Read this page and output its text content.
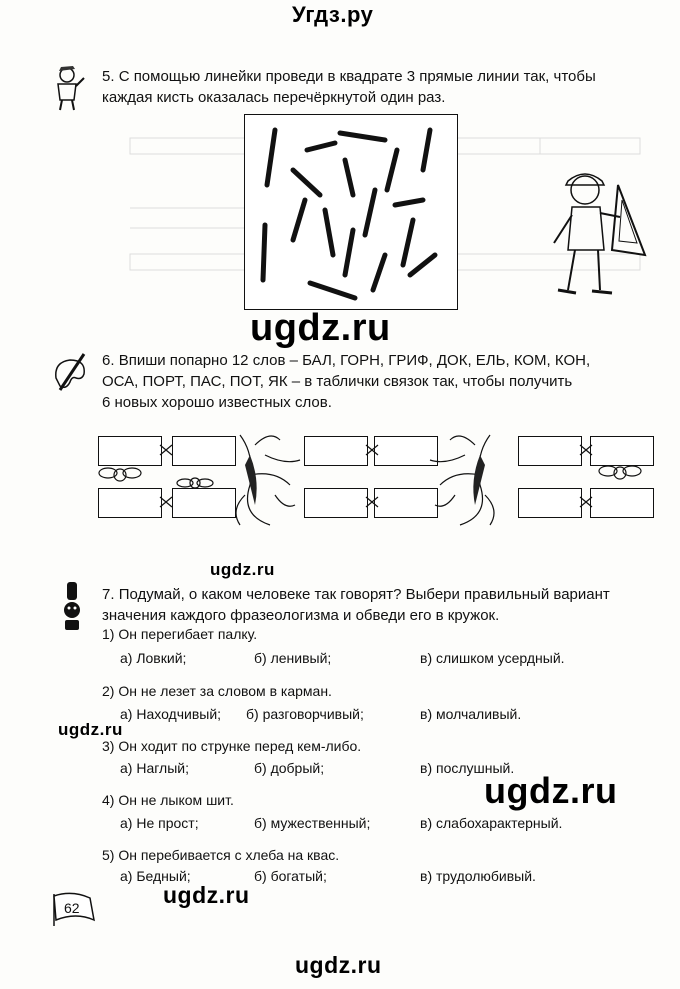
Угдз.ру
5. С помощью линейки проведи в квадрате 3 прямые линии так, чтобы
каждая кисть оказалась перечёркнутой один раз.
ugdz.ru
6. Впиши попарно 12 слов – БАЛ, ГОРН, ГРИФ, ДОК, ЕЛЬ, КОМ, КОН,
ОСА, ПОРТ, ПАС, ПОТ, ЯК – в таблички связок так, чтобы получить
6 новых хорошо известных слов.
ugdz.ru
7. Подумай, о каком человеке так говорят? Выбери правильный вариант
значения каждого фразеологизма и обведи его в кружок.
1) Он перегибает палку.
а) Ловкий;	б) ленивый;	в) слишком усердный.
2) Он не лезет за словом в карман.
а) Находчивый; б) разговорчивый;	в) молчаливый.
3) Он ходит по струнке перед кем-либо.
а) Наглый;	б) добрый;	в) послушный.
4) Он не лыком шит.
а) Не прост;	б) мужественный;	в) слабохарактерный.
5) Он перебивается с хлеба на квас.
а) Бедный;	б) богатый;	в) трудолюбивый.
ugdz.ru
ugdz.ru
ugdz.ru
62
ugdz.ru
